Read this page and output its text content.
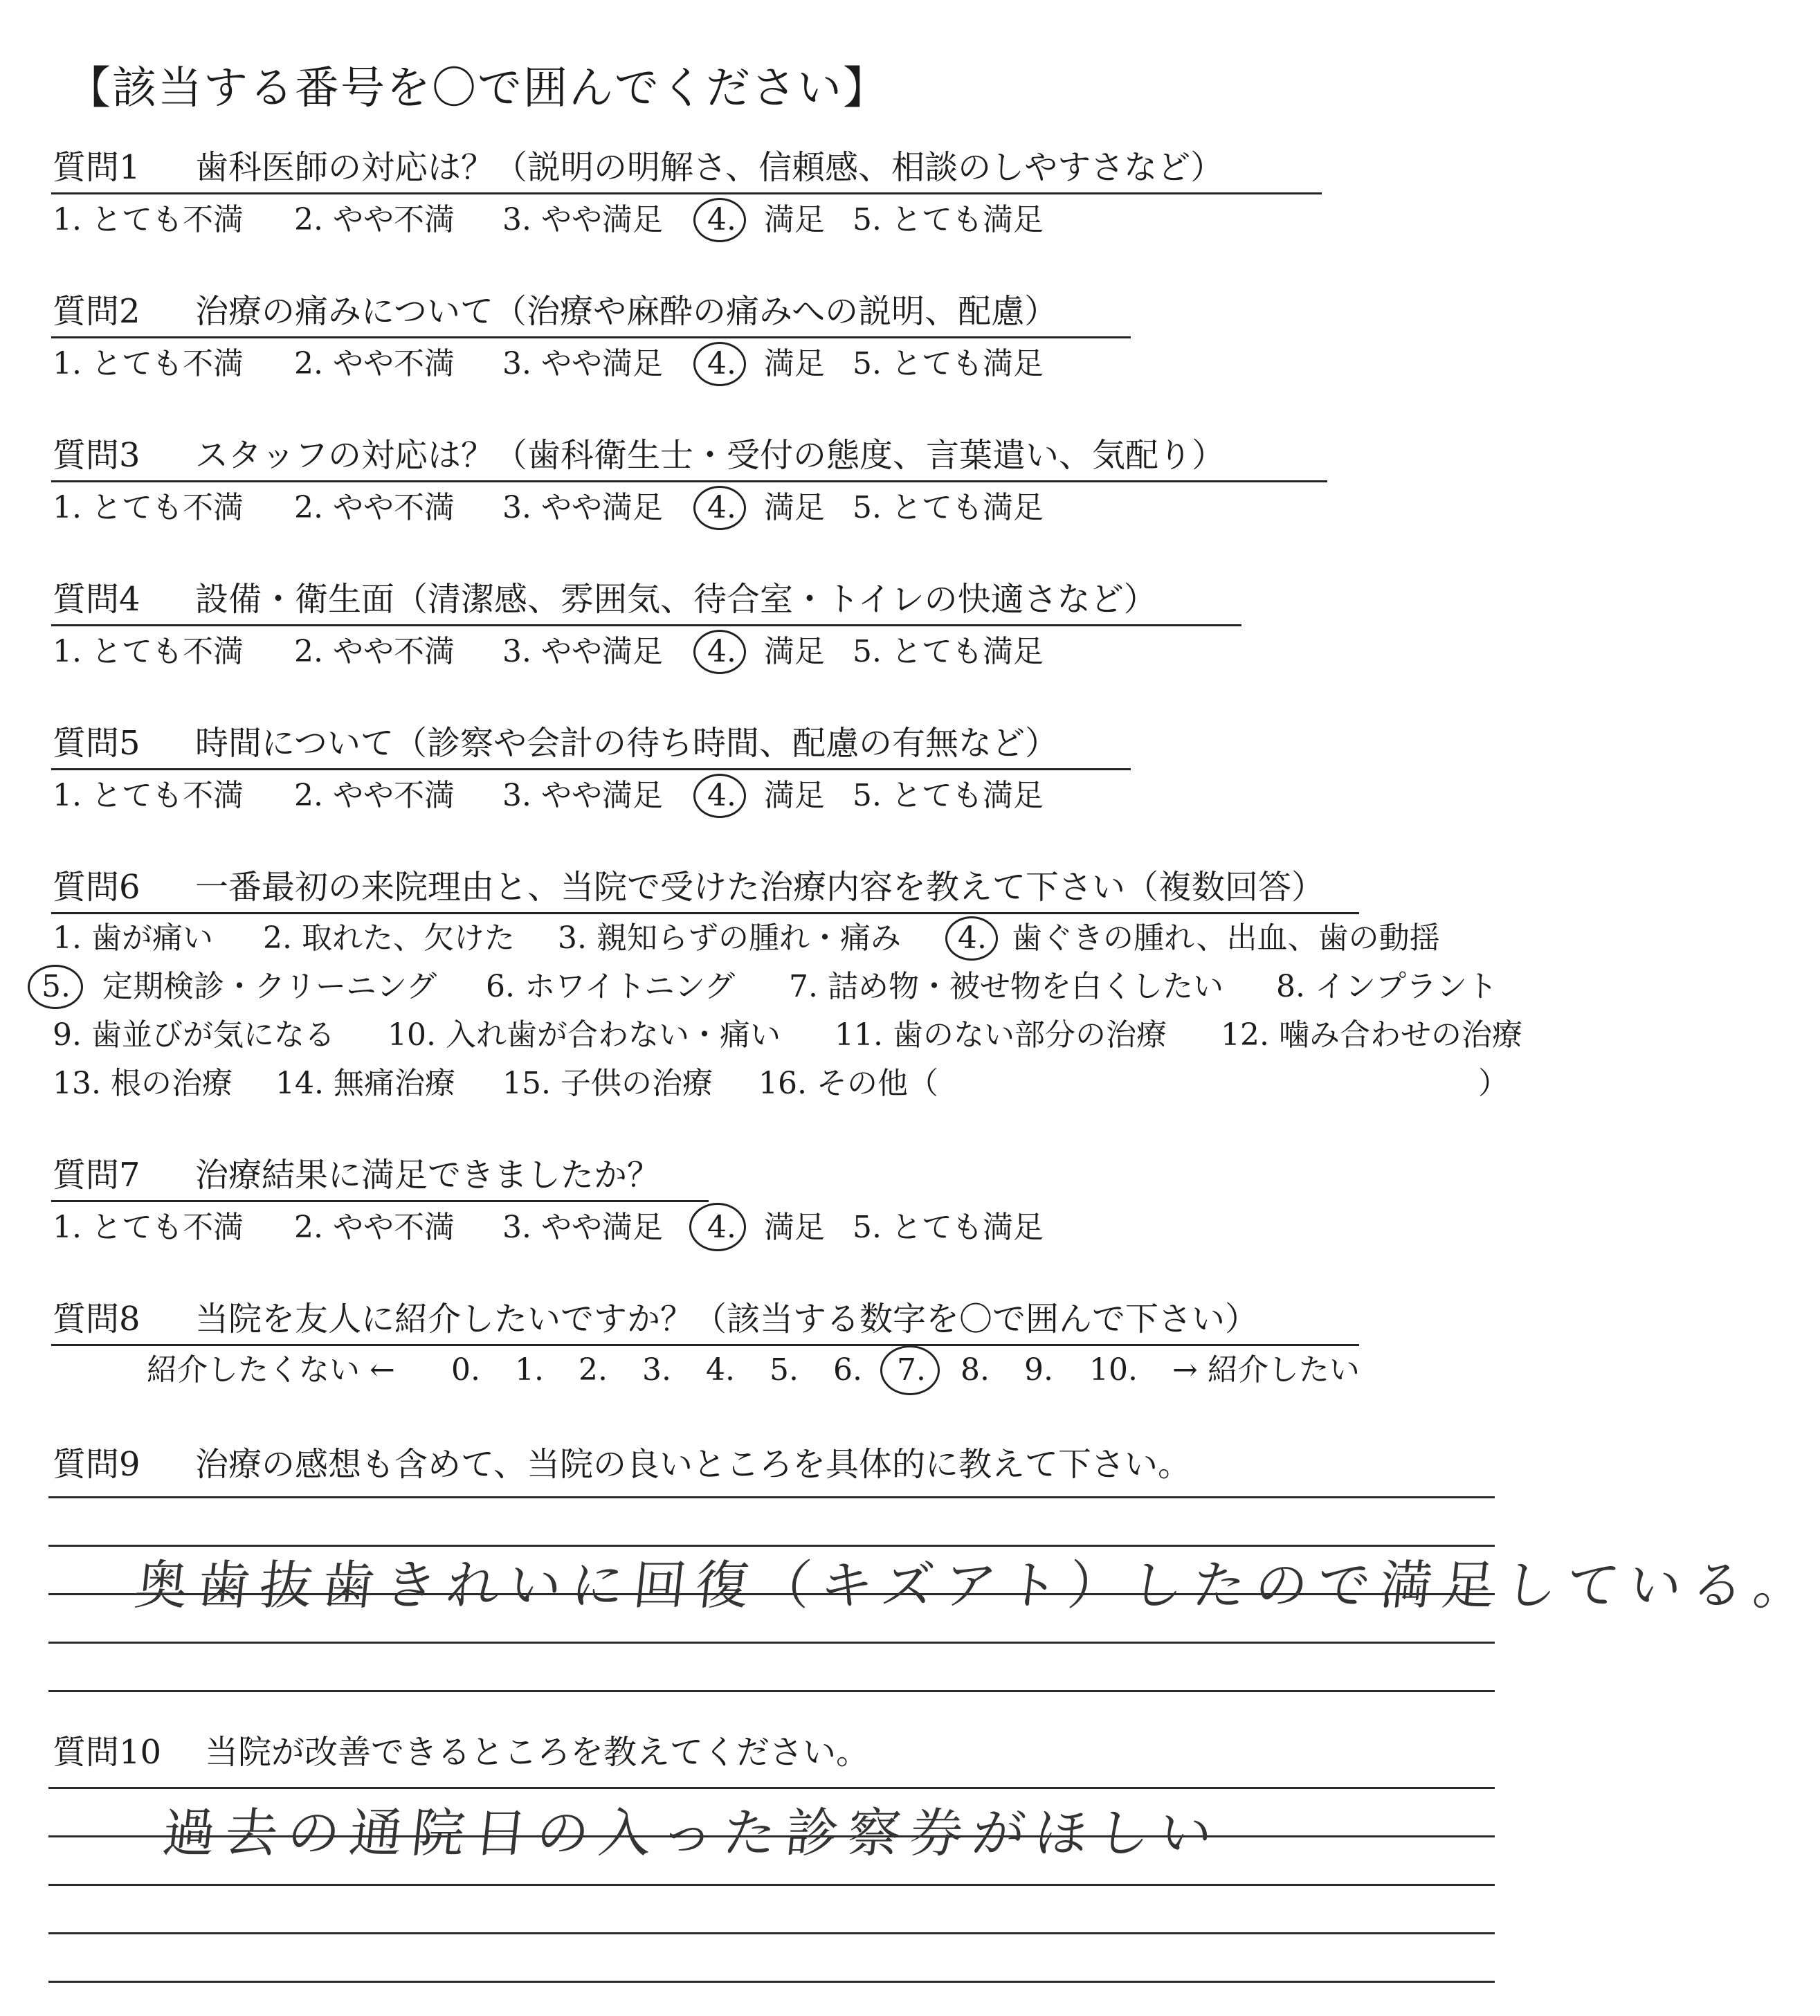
【該当する番号を〇で囲んでください】
質問1 歯科医師の対応は？（説明の明解さ、信頼感、相談のしやすさなど）
1. とても不満 2. やや不満 3. やや満足 4. 満足 5. とても満足
質問2 治療の痛みについて（治療や麻酔の痛みへの説明、配慮）
1. とても不満 2. やや不満 3. やや満足 4. 満足 5. とても満足
質問3 スタッフの対応は？（歯科衛生士・受付の態度、言葉遣い、気配り）
1. とても不満 2. やや不満 3. やや満足 4. 満足 5. とても満足
質問4 設備・衛生面（清潔感、雰囲気、待合室・トイレの快適さなど）
1. とても不満 2. やや不満 3. やや満足 4. 満足 5. とても満足
質問5 時間について（診察や会計の待ち時間、配慮の有無など）
1. とても不満 2. やや不満 3. やや満足 4. 満足 5. とても満足
質問6 一番最初の来院理由と、当院で受けた治療内容を教えて下さい（複数回答）
1. 歯が痛い 2. 取れた、欠けた 3. 親知らずの腫れ・痛み 4. 歯ぐきの腫れ、出血、歯の動揺
5. 定期検診・クリーニング 6. ホワイトニング 7. 詰め物・被せ物を白くしたい 8. インプラント
9. 歯並びが気になる 10. 入れ歯が合わない・痛い 11. 歯のない部分の治療 12. 噛み合わせの治療
13. 根の治療 14. 無痛治療 15. 子供の治療 16. その他（	）
質問7 治療結果に満足できましたか？
1. とても不満 2. やや不満 3. やや満足 4. 満足 5. とても満足
質問8 当院を友人に紹介したいですか？（該当する数字を〇で囲んで下さい）
紹介したくない ← 0. 1. 2. 3. 4. 5. 6. 7. 8. 9. 10. → 紹介したい
質問9 治療の感想も含めて、当院の良いところを具体的に教えて下さい。
奥歯抜歯きれいに回復（キズアト）したので満足している。
質問10 当院が改善できるところを教えてください。
過去の通院日の入った診察券がほしい
